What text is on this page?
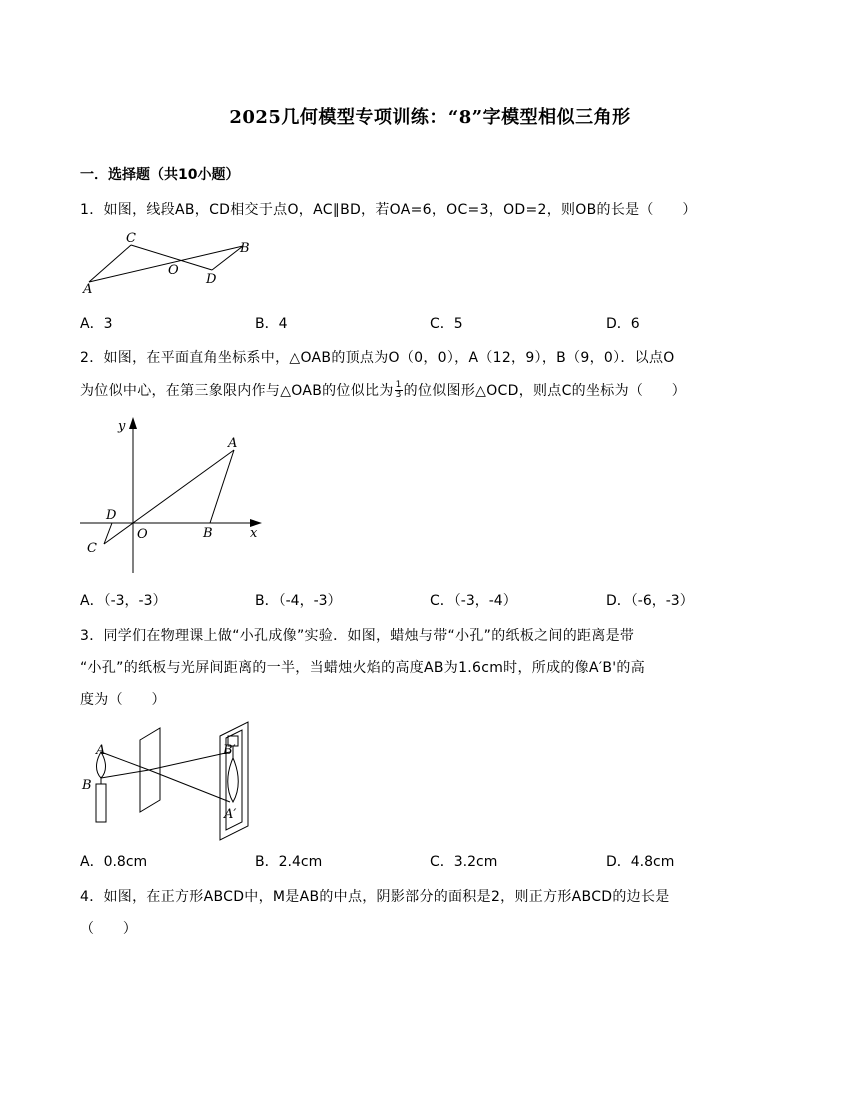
2025几何模型专项训练：“8”字模型相似三角形
一．选择题（共10小题）
1．如图，线段AB，CD相交于点O，AC∥BD，若OA=6，OC=3，OD=2，则OB的长是（　　）
C
B
O
D
A
A．3	B．4	C．5	D．6
2．如图，在平面直角坐标系中，△OAB的顶点为O（0，0），A（12，9），B（9，0）．以点O
为位似中心，在第三象限内作与△OAB的位似比为 $\frac{1}{3}$ 的位似图形△OCD，则点C的坐标为（　　）
y
A
D
O	B	x
C
A．（-3，-3）	B．（-4，-3）	C．（-3，-4）	D．（-6，-3）
3．同学们在物理课上做“小孔成像”实验．如图，蜡烛与带“小孔”的纸板之间的距离是带
“小孔”的纸板与光屏间距离的一半，当蜡烛火焰的高度AB为1.6cm时，所成的像A′B'的高
度为（　　）
A
B
B′
A′
A．0.8cm	B．2.4cm	C．3.2cm	D．4.8cm
4．如图，在正方形ABCD中，M是AB的中点，阴影部分的面积是2，则正方形ABCD的边长是
（　　）
